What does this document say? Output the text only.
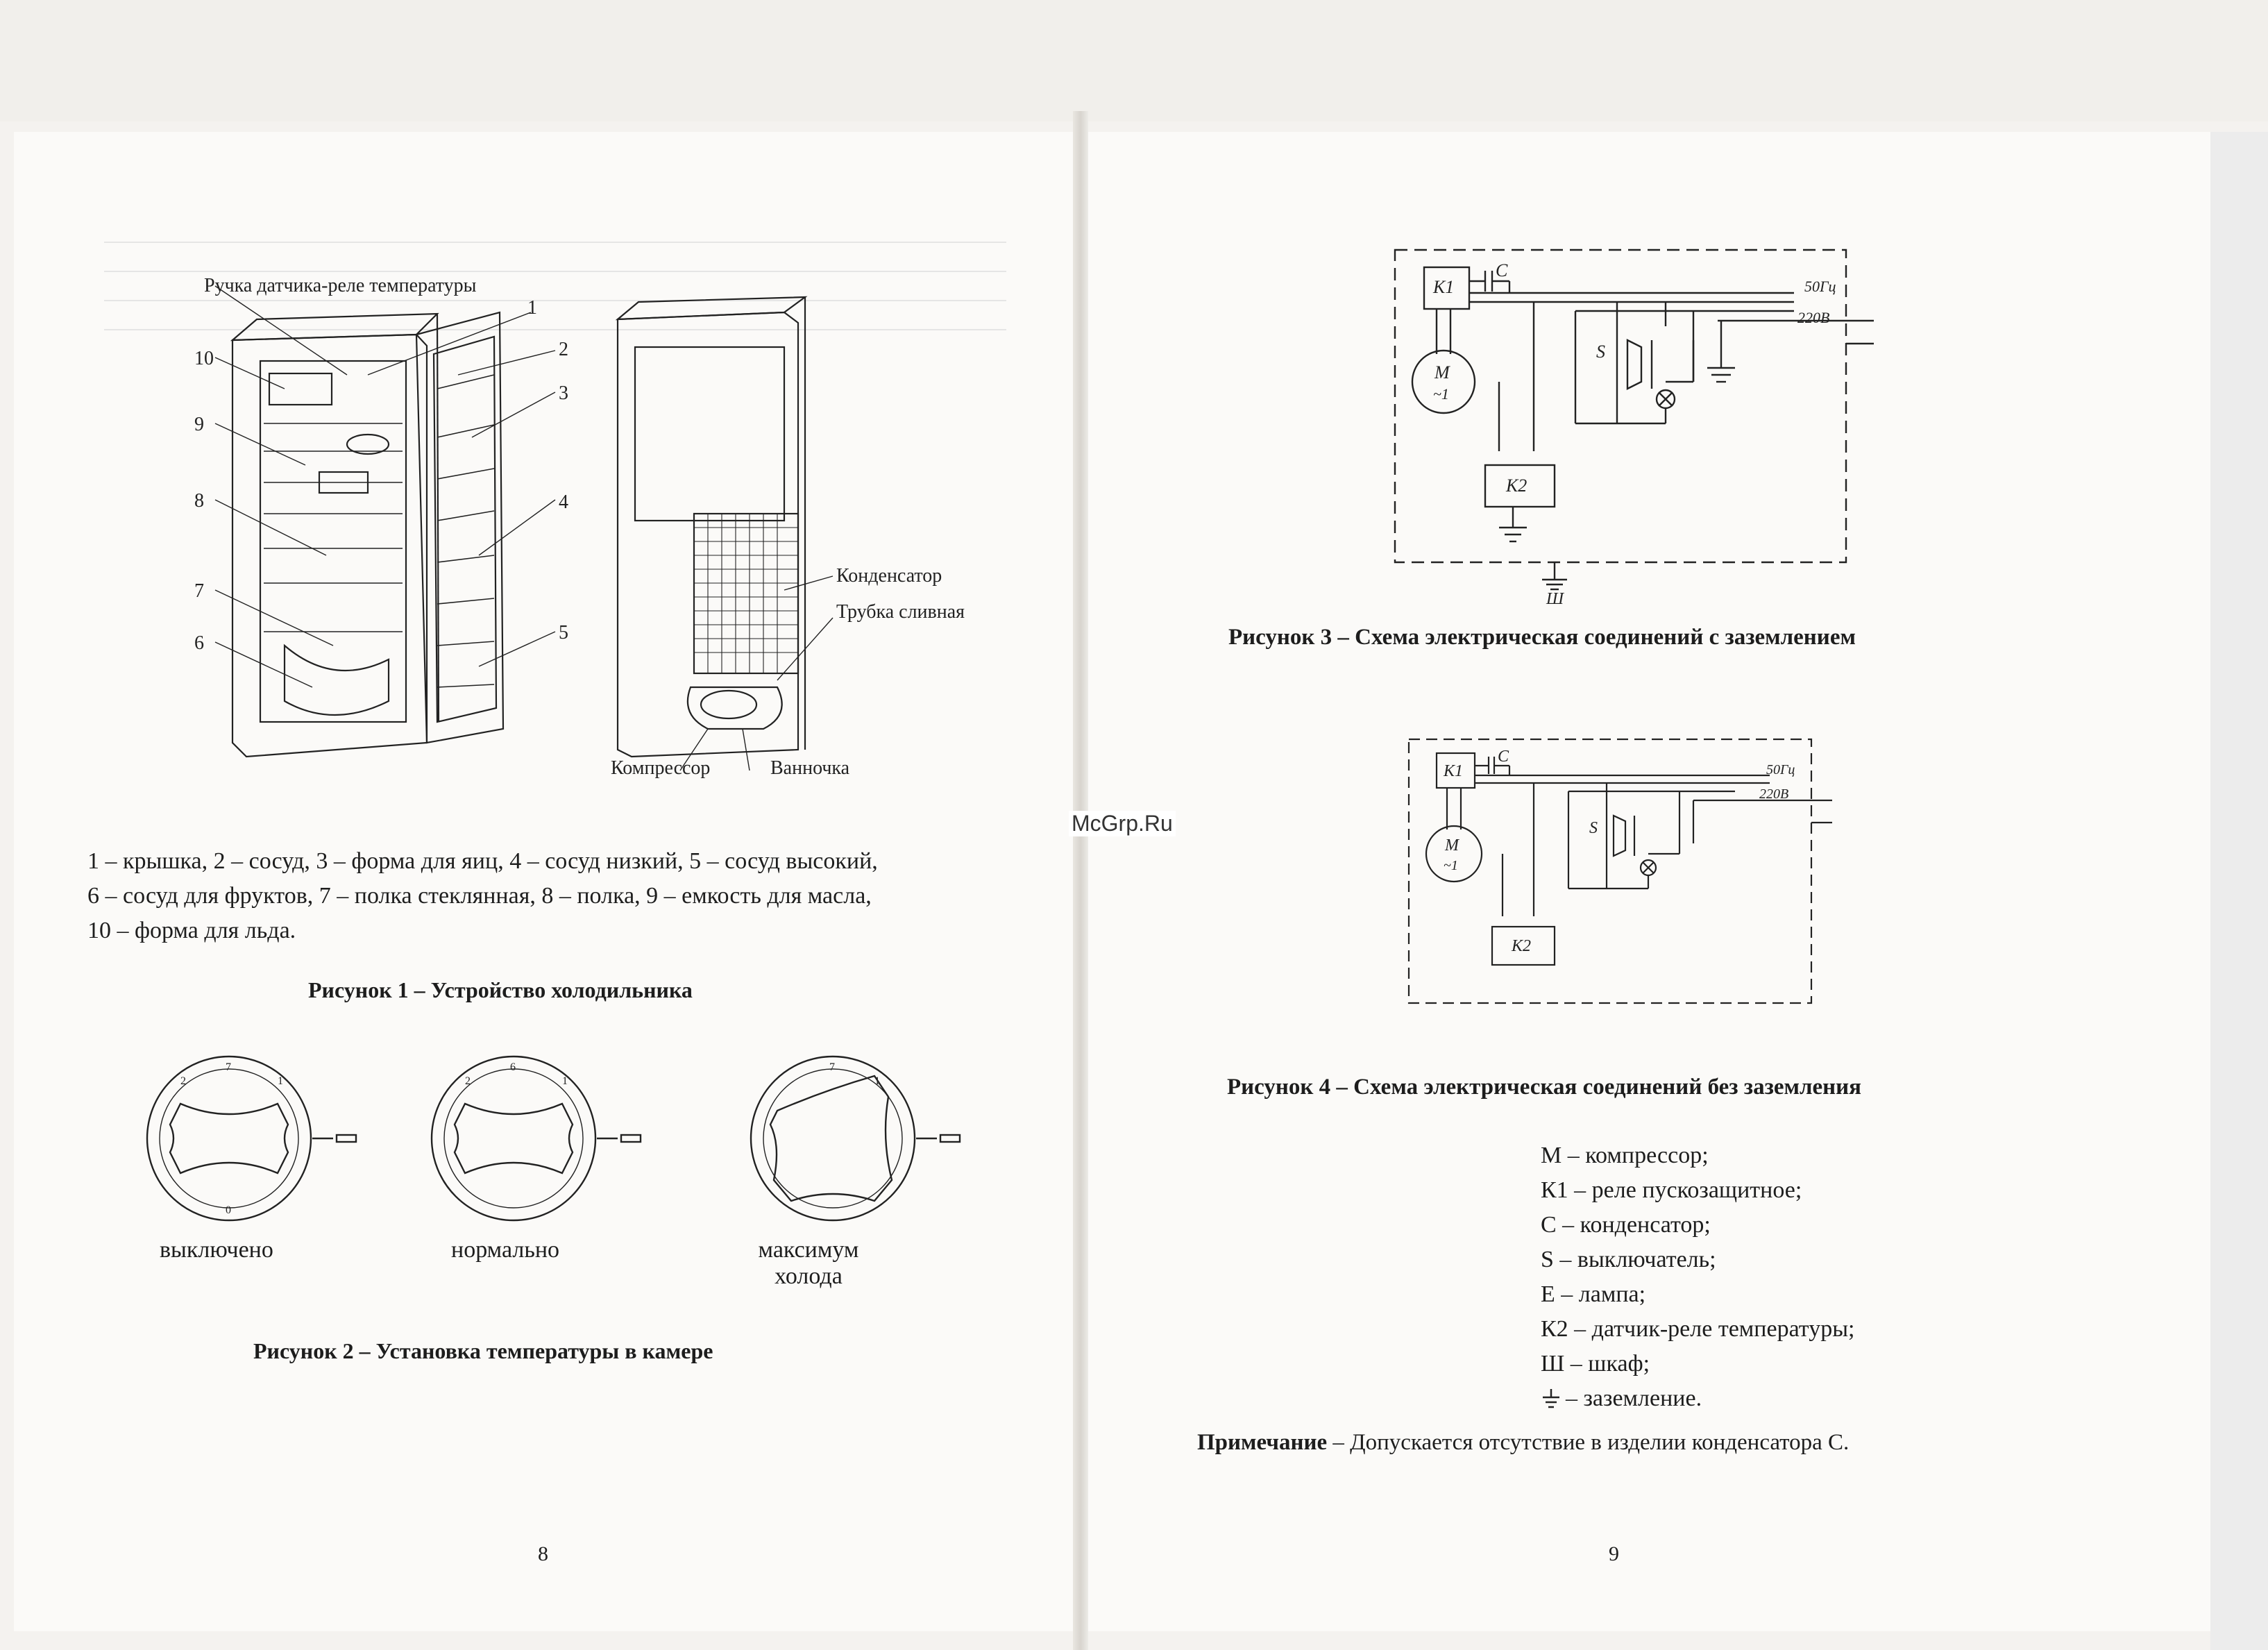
Ручка датчика-реле температуры
1
2
3
4
5
6
7
8
9
10
Конденсатор
Трубка сливная
Компрессор	Ванночка
1 – крышка, 2 – сосуд, 3 – форма для яиц, 4 – сосуд низкий, 5 – сосуд высокий,
6 – сосуд для фруктов, 7 – полка стеклянная, 8 – полка, 9 – емкость для масла,
10 – форма для льда.
Рисунок 1 – Устройство холодильника
7
2	1
0
6
2	1
7
1
выключено	нормально	максимум
холода
Рисунок 2 – Установка температуры в камере
8
К1
С
М
~1
S
К2
50Гц
220В
Ш
Рисунок 3 – Схема электрическая соединений с заземлением
McGrp.Ru
К1
С
М
~1
S
К2
50Гц
220В
Рисунок 4 – Схема электрическая соединений без заземления
М – компрессор;
К1 – реле пускозащитное;
С – конденсатор;
S – выключатель;
Е – лампа;
К2 – датчик-реле температуры;
Ш – шкаф;
– заземление.
Примечание – Допускается отсутствие в изделии конденсатора С.
9
